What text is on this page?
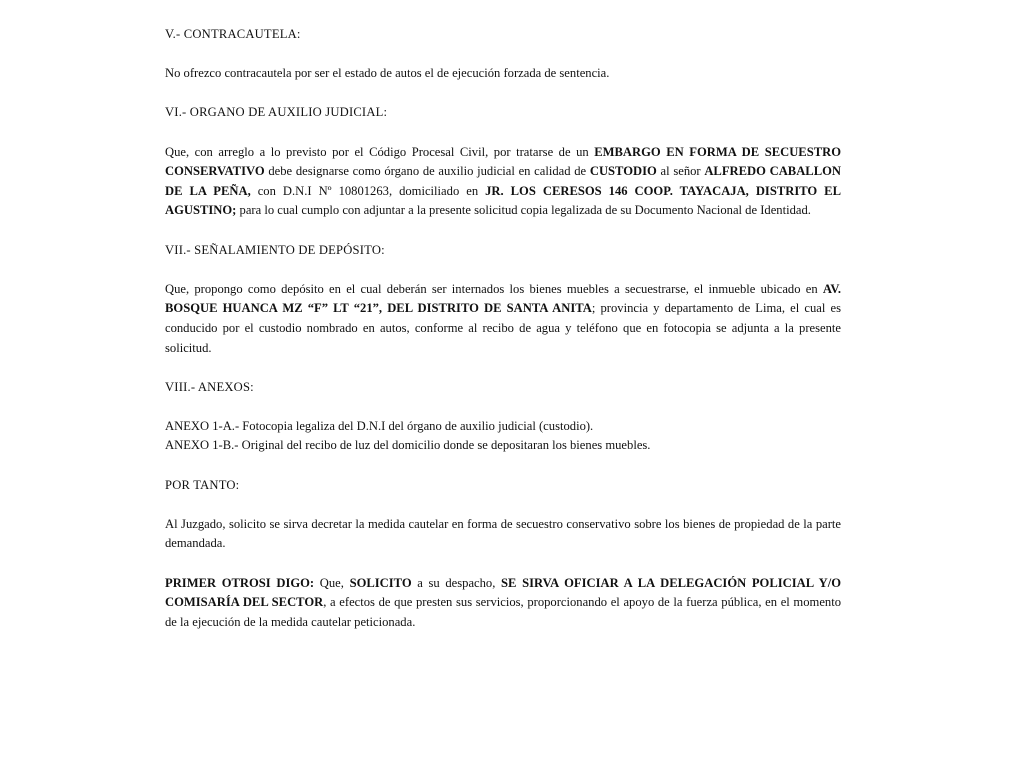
V.- CONTRACAUTELA:

No ofrezco contracautela por ser el estado de autos el de ejecución forzada de sentencia.

VI.- ORGANO DE AUXILIO JUDICIAL:

Que, con arreglo a lo previsto por el Código Procesal Civil, por tratarse de un EMBARGO EN FORMA DE SECUESTRO CONSERVATIVO debe designarse como órgano de auxilio judicial en calidad de CUSTODIO al señor ALFREDO CABALLON DE LA PEÑA, con D.N.I Nº 10801263, domiciliado en JR. LOS CERESOS 146 COOP. TAYACAJA, DISTRITO EL AGUSTINO; para lo cual cumplo con adjuntar a la presente solicitud copia legalizada de su Documento Nacional de Identidad.

VII.- SEÑALAMIENTO DE DEPÓSITO:

Que, propongo como depósito en el cual deberán ser internados los bienes muebles a secuestrarse, el inmueble ubicado en AV. BOSQUE HUANCA MZ “F” LT “21”, DEL DISTRITO DE SANTA ANITA; provincia y departamento de Lima, el cual es conducido por el custodio nombrado en autos, conforme al recibo de agua y teléfono que en fotocopia se adjunta a la presente solicitud.

VIII.- ANEXOS:

ANEXO 1-A.- Fotocopia legaliza del D.N.I del órgano de auxilio judicial (custodio).

ANEXO 1-B.- Original del recibo de luz del domicilio donde se depositaran los bienes muebles.

POR TANTO:

Al Juzgado, solicito se sirva decretar la medida cautelar en forma de secuestro conservativo sobre los bienes de propiedad de la parte demandada.

PRIMER OTROSI DIGO: Que, SOLICITO a su despacho, SE SIRVA OFICIAR A LA DELEGACIÓN POLICIAL Y/O COMISARÍA DEL SECTOR, a efectos de que presten sus servicios, proporcionando el apoyo de la fuerza pública, en el momento de la ejecución de la medida cautelar peticionada.
